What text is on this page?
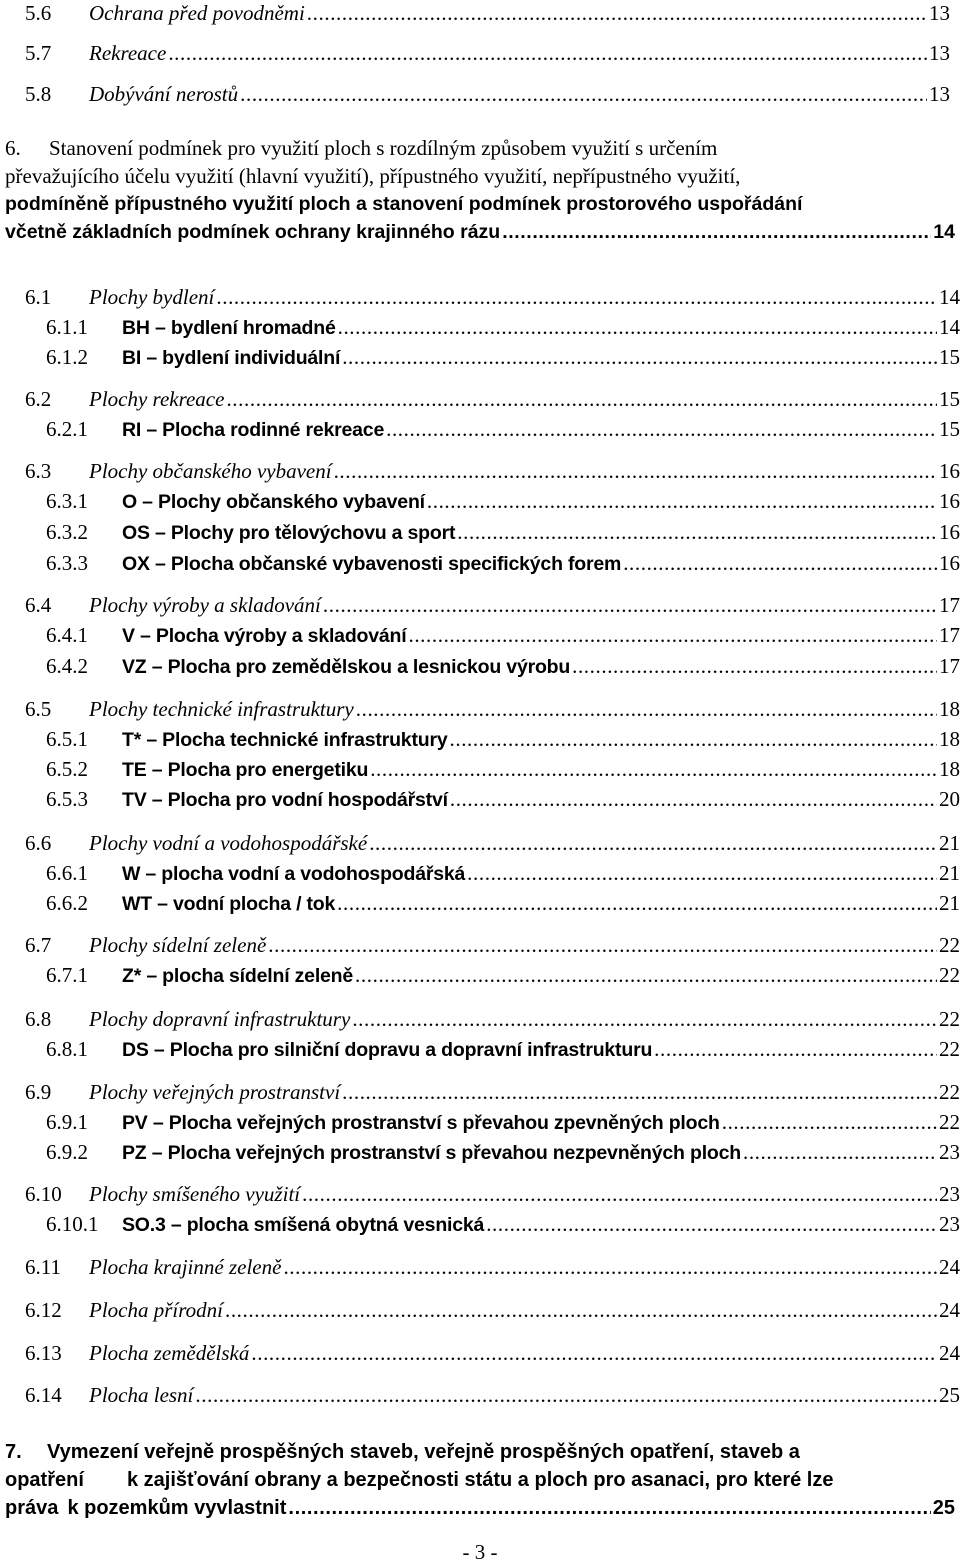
5.6	Ochrana před povodněmi .....	13
5.7	Rekreace .....	13
5.8	Dobývání nerostů .....	13
6. Stanovení podmínek pro využití ploch s rozdílným způsobem využití s určením
převažujícího účelu využití (hlavní využití), přípustného využití, nepřípustného využití,
podmíněně přípustného využití ploch a stanovení podmínek prostorového uspořádání
včetně základních podmínek ochrany krajinného rázu .....	14
6.1	Plochy bydlení .....	14
6.1.1	BH – bydlení hromadné .....	14
6.1.2	BI – bydlení individuální .....	15
6.2	Plochy rekreace .....	15
6.2.1	RI – Plocha rodinné rekreace .....	15
6.3	Plochy občanského vybavení .....	16
6.3.1	O – Plochy občanského vybavení .....	16
6.3.2	OS – Plochy pro tělovýchovu a sport .....	16
6.3.3	OX – Plocha občanské vybavenosti specifických forem .....	16
6.4	Plochy výroby a skladování .....	17
6.4.1	V – Plocha výroby a skladování .....	17
6.4.2	VZ – Plocha pro zemědělskou a lesnickou výrobu .....	17
6.5	Plochy technické infrastruktury .....	18
6.5.1	T* – Plocha technické infrastruktury .....	18
6.5.2	TE – Plocha pro energetiku .....	18
6.5.3	TV – Plocha pro vodní hospodářství .....	20
6.6	Plochy vodní a vodohospodářské .....	21
6.6.1	W – plocha vodní a vodohospodářská .....	21
6.6.2	WT – vodní plocha / tok .....	21
6.7	Plochy sídelní zeleně .....	22
6.7.1	Z* – plocha sídelní zeleně .....	22
6.8	Plochy dopravní infrastruktury .....	22
6.8.1	DS – Plocha pro silniční dopravu a dopravní infrastrukturu .....	22
6.9	Plochy veřejných prostranství .....	22
6.9.1	PV – Plocha veřejných prostranství s převahou zpevněných ploch .....	22
6.9.2	PZ – Plocha veřejných prostranství s převahou nezpevněných ploch .....	23
6.10	Plochy smíšeného využití .....	23
6.10.1	SO.3 – plocha smíšená obytná vesnická .....	23
6.11	Plocha krajinné zeleně .....	24
6.12	Plocha přírodní .....	24
6.13	Plocha zemědělská .....	24
6.14	Plocha lesní .....	25
7. Vymezení veřejně prospěšných staveb, veřejně prospěšných opatření, staveb a
opatření	k zajišťování obrany a bezpečnosti státu a ploch pro asanaci, pro které lze
práva k pozemkům vyvlastnit .....	25
- 3 -
